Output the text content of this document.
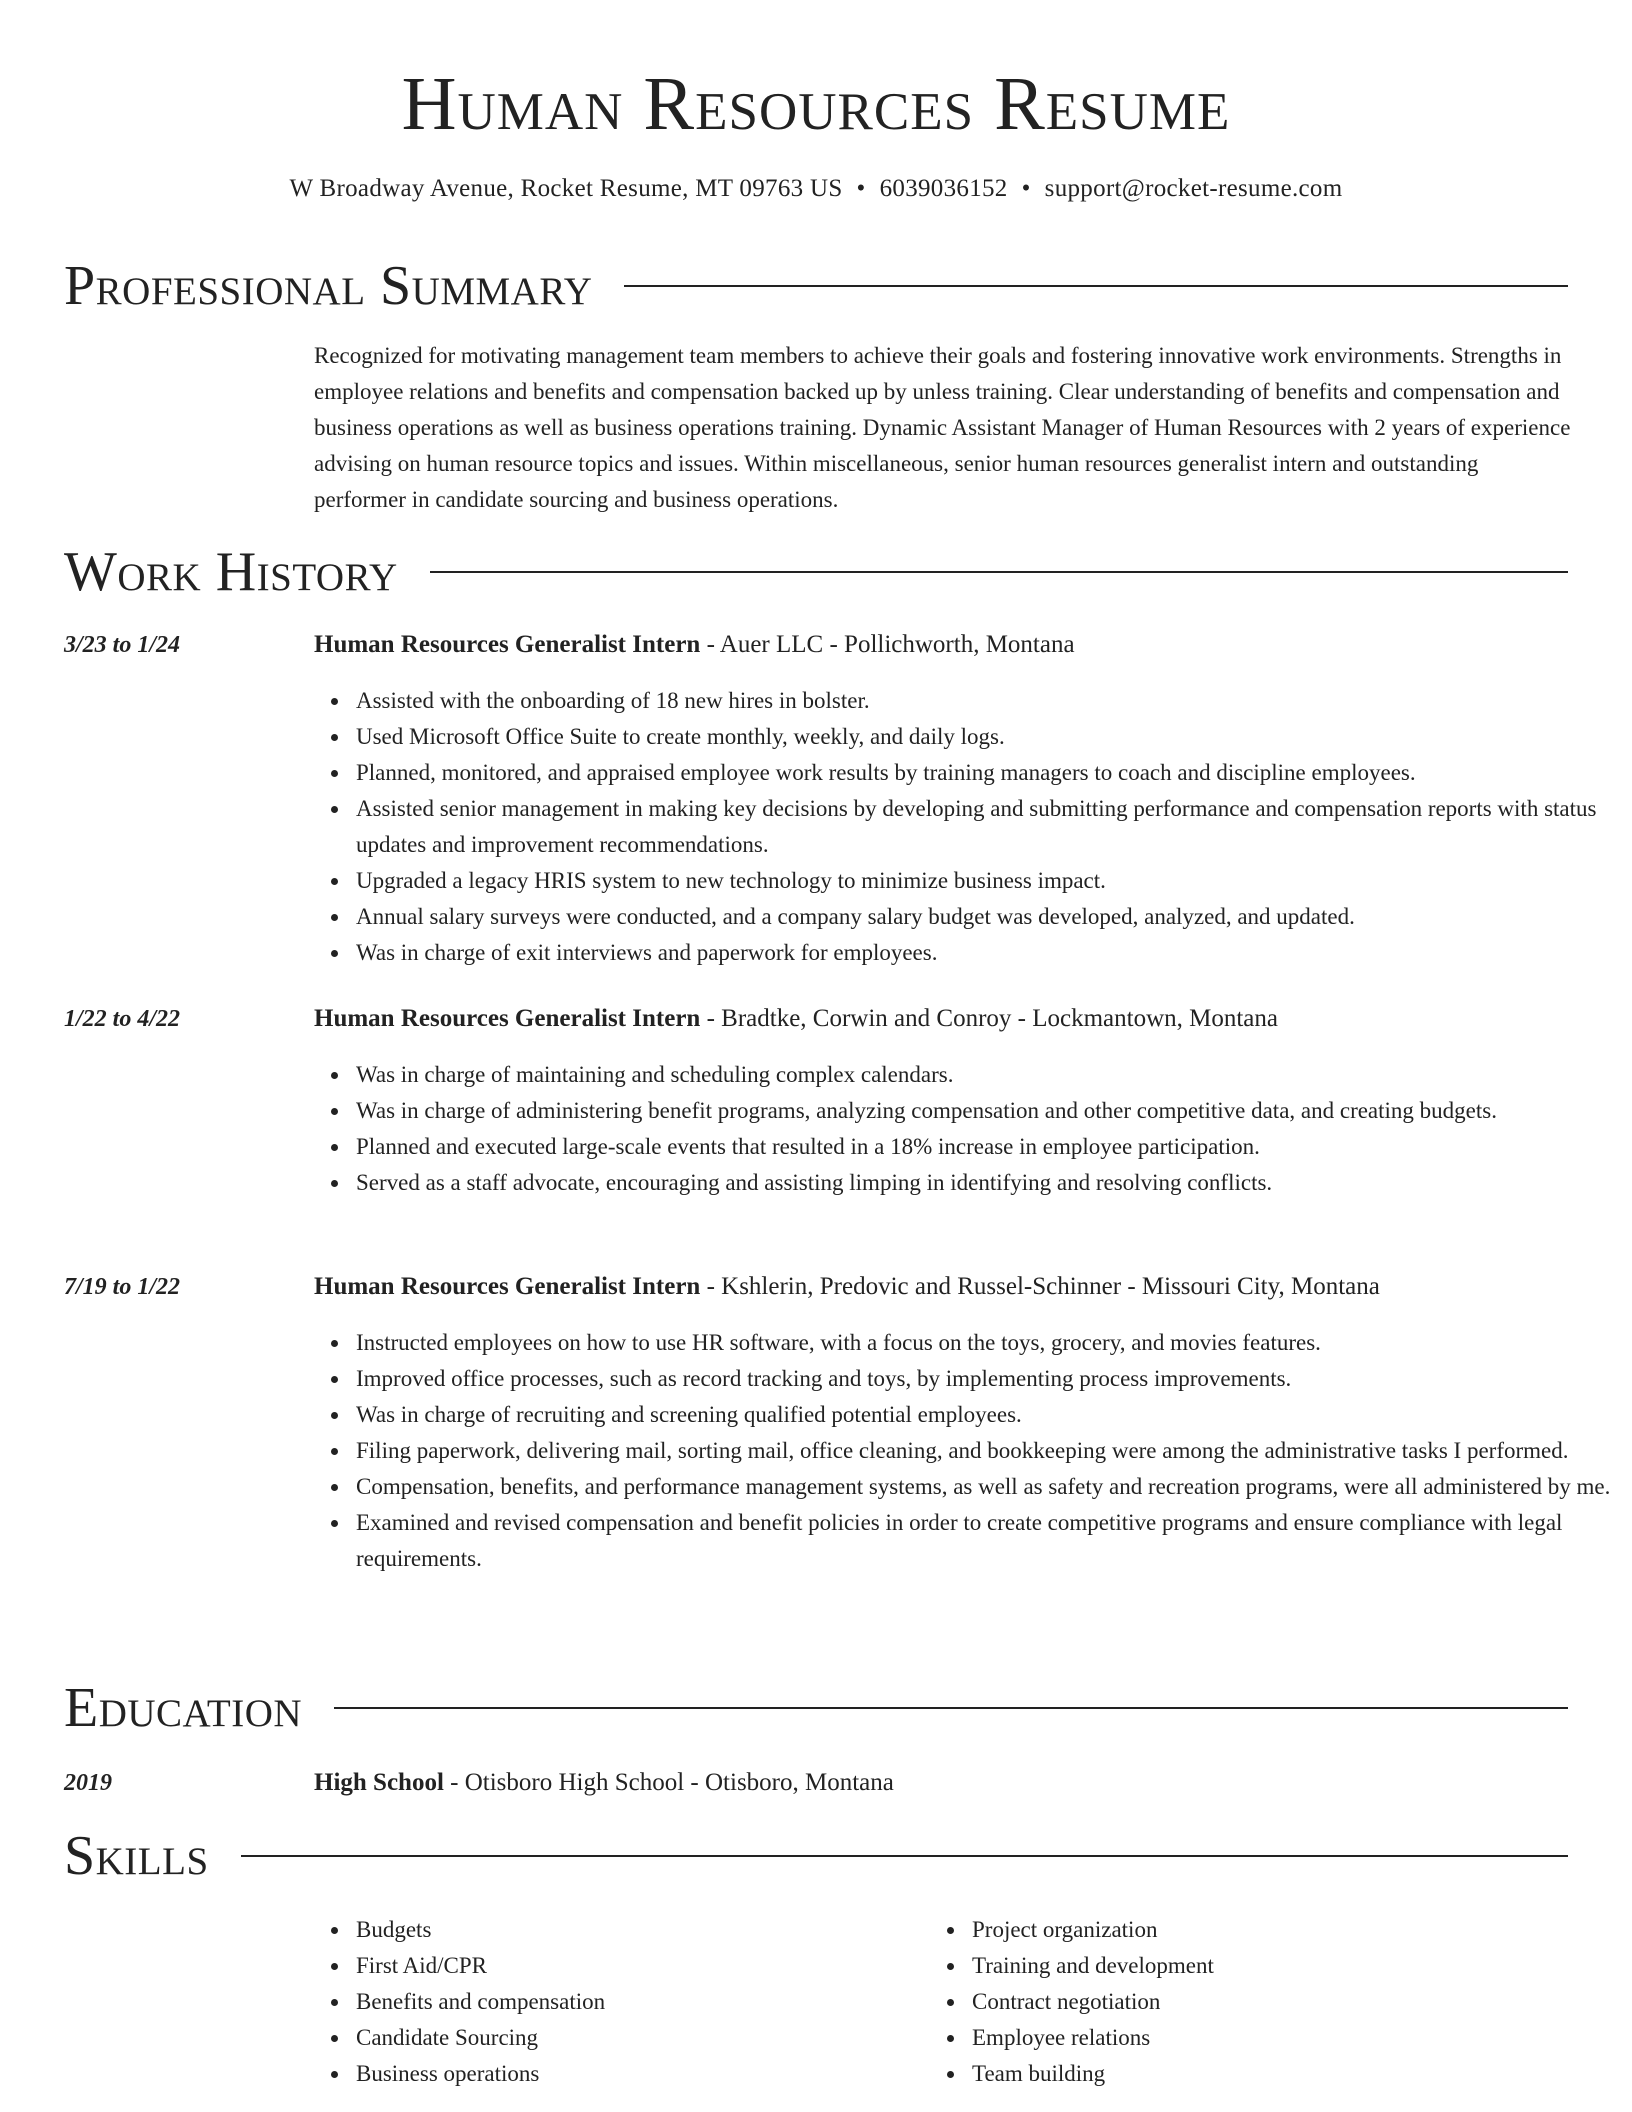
Human Resources Resume
W Broadway Avenue, Rocket Resume, MT 09763 US • 6039036152 • support@rocket-resume.com
Professional Summary

Recognized for motivating management team members to achieve their goals and fostering innovative work environments. Strengths in employee relations and benefits and compensation backed up by unless training. Clear understanding of benefits and compensation and business operations as well as business operations training. Dynamic Assistant Manager of Human Resources with 2 years of experience advising on human resource topics and issues. Within miscellaneous, senior human resources generalist intern and outstanding performer in candidate sourcing and business operations.

Work History
3/23 to 1/24	Human Resources Generalist Intern - Auer LLC - Pollichworth, Montana
Assisted with the onboarding of 18 new hires in bolster.
Used Microsoft Office Suite to create monthly, weekly, and daily logs.
Planned, monitored, and appraised employee work results by training managers to coach and discipline employees.
Assisted senior management in making key decisions by developing and submitting performance and compensation reports with status updates and improvement recommendations.
Upgraded a legacy HRIS system to new technology to minimize business impact.
Annual salary surveys were conducted, and a company salary budget was developed, analyzed, and updated.
Was in charge of exit interviews and paperwork for employees.
1/22 to 4/22	Human Resources Generalist Intern - Bradtke, Corwin and Conroy - Lockmantown, Montana
Was in charge of maintaining and scheduling complex calendars.
Was in charge of administering benefit programs, analyzing compensation and other competitive data, and creating budgets.
Planned and executed large-scale events that resulted in a 18% increase in employee participation.
Served as a staff advocate, encouraging and assisting limping in identifying and resolving conflicts.
7/19 to 1/22	Human Resources Generalist Intern - Kshlerin, Predovic and Russel-Schinner - Missouri City, Montana
Instructed employees on how to use HR software, with a focus on the toys, grocery, and movies features.
Improved office processes, such as record tracking and toys, by implementing process improvements.
Was in charge of recruiting and screening qualified potential employees.
Filing paperwork, delivering mail, sorting mail, office cleaning, and bookkeeping were among the administrative tasks I performed.
Compensation, benefits, and performance management systems, as well as safety and recreation programs, were all administered by me.
Examined and revised compensation and benefit policies in order to create competitive programs and ensure compliance with legal requirements.
Education
2019	High School - Otisboro High School - Otisboro, Montana
Skills
Budgets
First Aid/CPR
Benefits and compensation
Candidate Sourcing
Business operations
Project organization
Training and development
Contract negotiation
Employee relations
Team building
